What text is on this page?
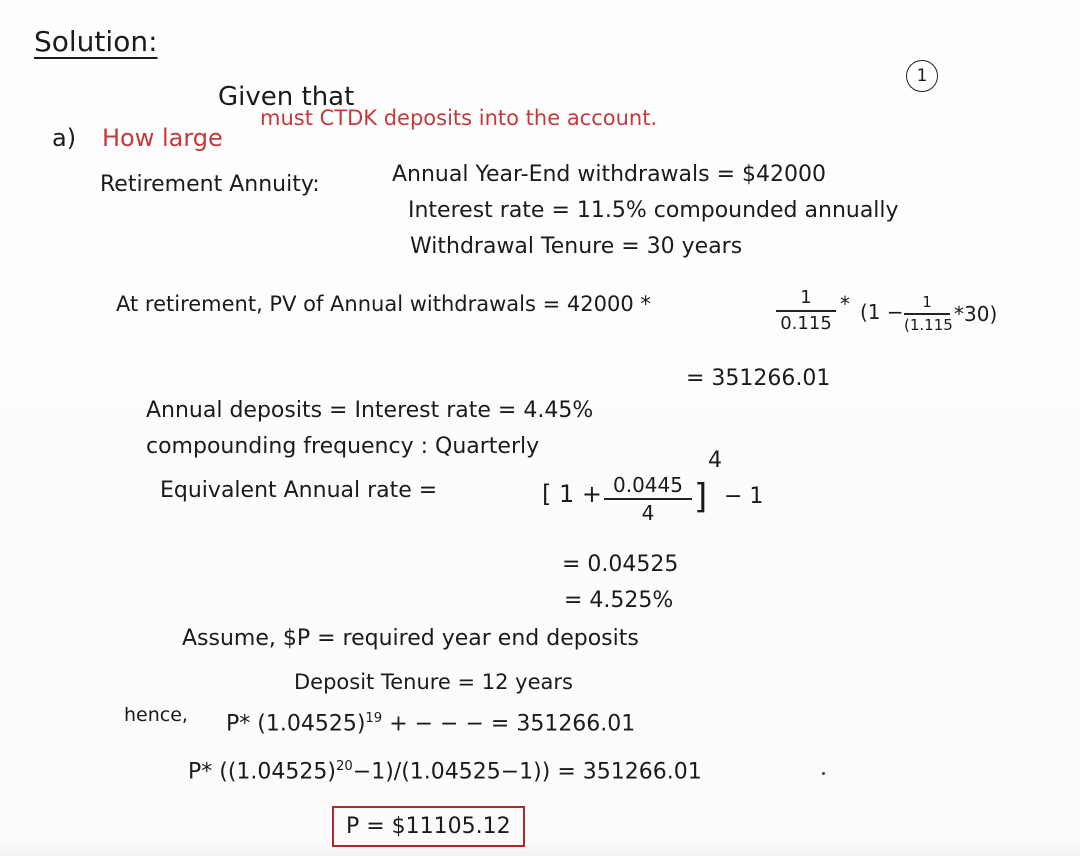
Solution:
1
Given that
a) How large
must CTDK deposits into the account.
Retirement Annuity:	Annual Year-End withdrawals = $42000
Interest rate = 11.5% compounded annually
Withdrawal Tenure = 30 years
At retirement, PV of Annual withdrawals = 42000 *	1
0.115
* (1 −	1
(1.115 *30)
= 351266.01
Annual deposits = Interest rate = 4.45%
compounding frequency : Quarterly
Equivalent Annual rate =	[ 1 + 0.0445
4	]
4
− 1
= 0.04525
= 4.525%
Assume, $P = required year end deposits
Deposit Tenure = 12 years
hence, P* $(1.04525)^{19}$ + − − − = 351266.01
P* $((1.04525)^{20}-1)/(1.04525-1)) = 351266.01$
P = $11105.12
